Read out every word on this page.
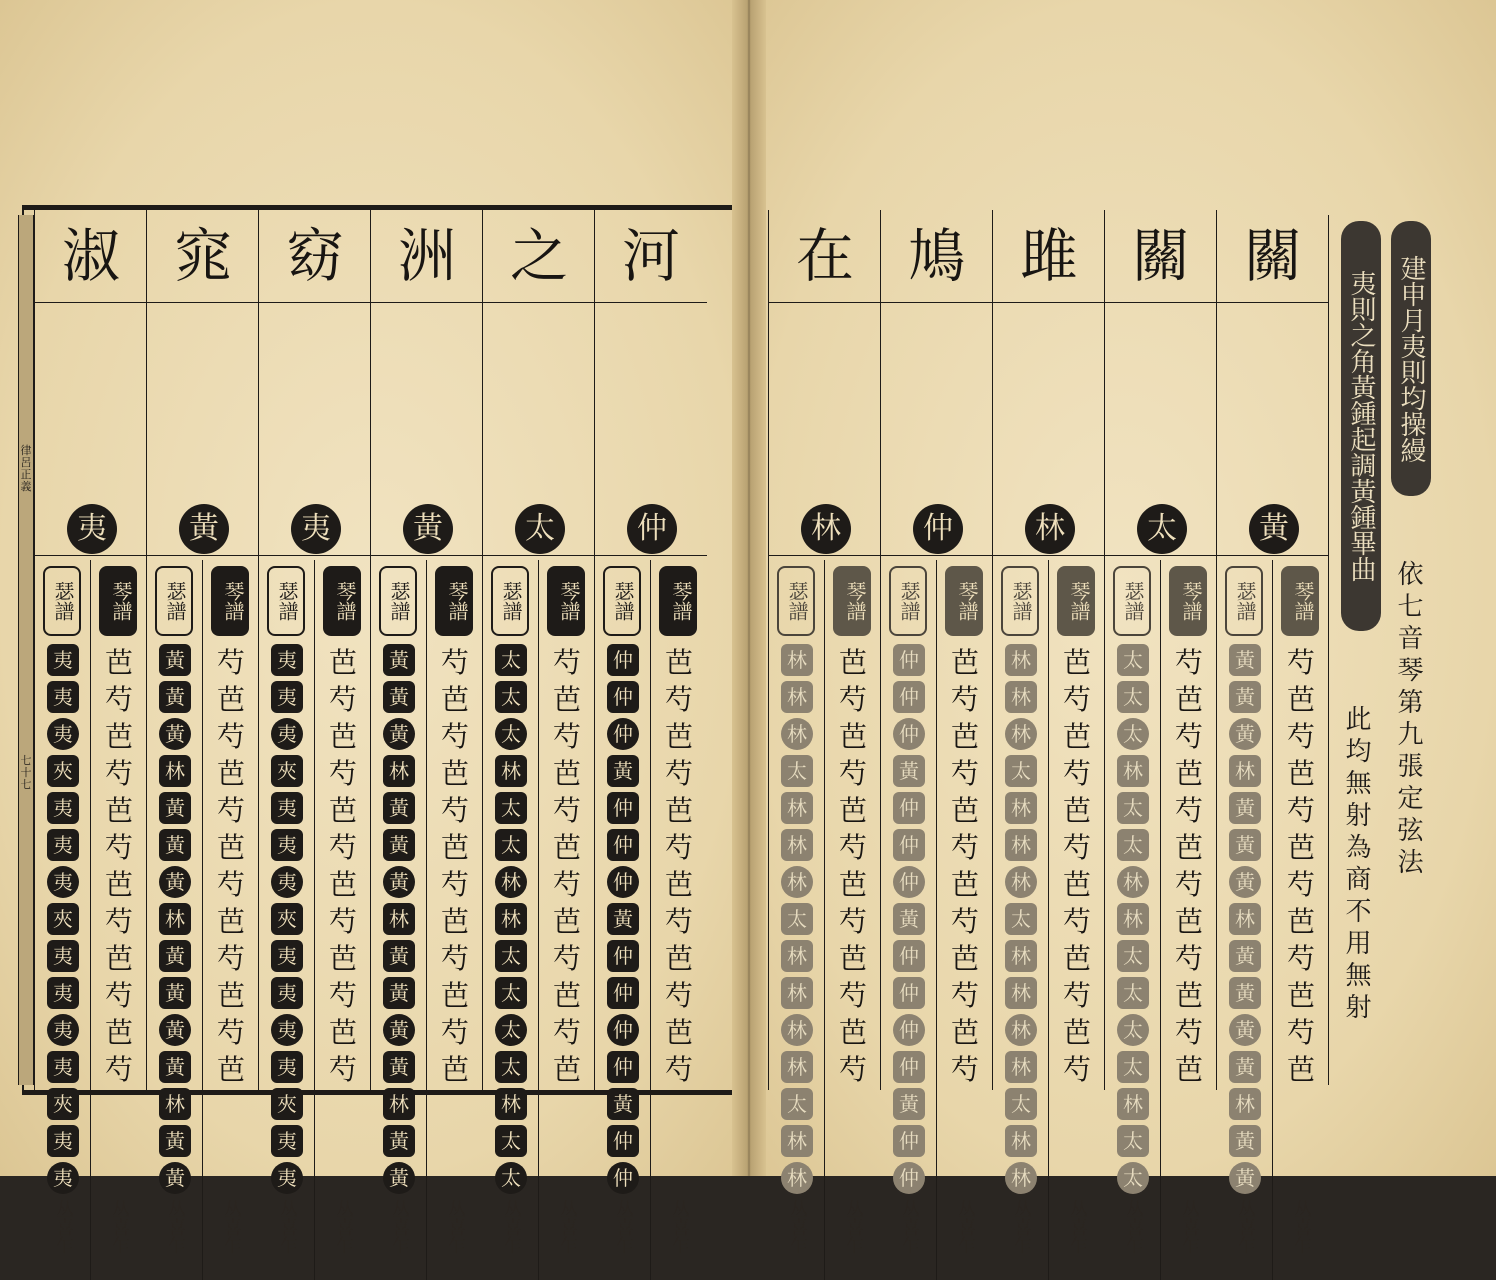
律呂正義
七十七
河
仲
琴譜
芭芍芭芍芭芍芭芍芭芍芭芍
丛喜乍
瑟譜
仲
仲
仲
黃
仲
仲
仲
黃
仲
仲
仲
仲
黃
仲
仲
丛喜乍
之
太
琴譜
芍芭芍芭芍芭芍芭芍芭芍芭
丛喜乍
瑟譜
太
太
太
林
太
太
林
林
太
太
太
太
林
太
太
丛喜乍
洲
黃
琴譜
芍芭芍芭芍芭芍芭芍芭芍芭
丛喜乍
瑟譜
黃
黃
黃
林
黃
黃
黃
林
黃
黃
黃
黃
林
黃
黃
丛喜乍
窈
夷
琴譜
芭芍芭芍芭芍芭芍芭芍芭芍
丛喜乍
瑟譜
夷
夷
夷
夾
夷
夷
夷
夾
夷
夷
夷
夷
夾
夷
夷
丛喜乍
窕
黃
琴譜
芍芭芍芭芍芭芍芭芍芭芍芭
丛喜乍
瑟譜
黃
黃
黃
林
黃
黃
黃
林
黃
黃
黃
黃
林
黃
黃
丛喜乍
淑
夷
琴譜
芭芍芭芍芭芍芭芍芭芍芭芍
丛喜乍
瑟譜
夷
夷
夷
夾
夷
夷
夷
夾
夷
夷
夷
夷
夾
夷
夷
丛喜乍
關
黃
琴譜
芍芭芍芭芍芭芍芭芍芭芍芭
丛喜乍
瑟譜
黃
黃
黃
林
黃
黃
黃
林
黃
黃
黃
黃
林
黃
黃
丛喜乍
關
太
琴譜
芍芭芍芭芍芭芍芭芍芭芍芭
丛喜乍
瑟譜
太
太
太
林
太
太
林
林
太
太
太
太
林
太
太
丛喜乍
雎
林
琴譜
芭芍芭芍芭芍芭芍芭芍芭芍
丛喜乍
瑟譜
林
林
林
太
林
林
林
太
林
林
林
林
太
林
林
丛喜乍
鳩
仲
琴譜
芭芍芭芍芭芍芭芍芭芍芭芍
丛喜乍
瑟譜
仲
仲
仲
黃
仲
仲
仲
黃
仲
仲
仲
仲
黃
仲
仲
丛喜乍
在
林
琴譜
芭芍芭芍芭芍芭芍芭芍芭芍
丛喜乍
瑟譜
林
林
林
太
林
林
林
太
林
林
林
林
太
林
林
丛喜乍
建申月夷則均操縵
夷則之角黃鍾起調黃鍾畢曲
依七音琴第九張定弦法
此均無射為商不用無射
